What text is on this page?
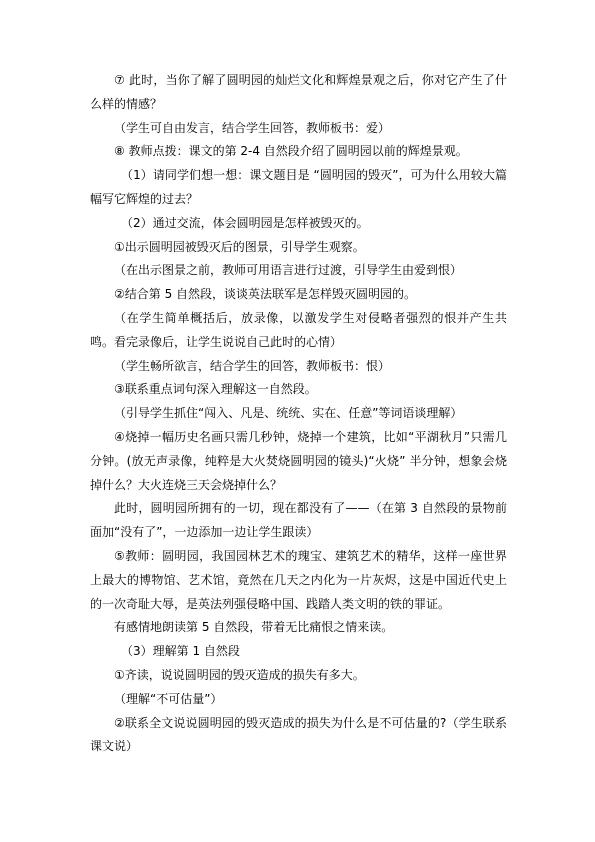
⑦ 此时，当你了解了圆明园的灿烂文化和辉煌景观之后，你对它产生了什么样的情感？

（学生可自由发言，结合学生回答，教师板书：爱）

⑧ 教师点拨：课文的第 2-4 自然段介绍了圆明园以前的辉煌景观。

（1）请同学们想一想：课文题目是 “圆明园的毁灭”，可为什么用较大篇幅写它辉煌的过去？

（2）通过交流，体会圆明园是怎样被毁灭的。

①出示圆明园被毁灭后的图景，引导学生观察。

（在出示图景之前，教师可用语言进行过渡，引导学生由爱到恨）

②结合第 5 自然段，谈谈英法联军是怎样毁灭圆明园的。

（在学生简单概括后，放录像，以激发学生对侵略者强烈的恨并产生共鸣。看完录像后，让学生说说自己此时的心情）

（学生畅所欲言，结合学生的回答，教师板书：恨）

③联系重点词句深入理解这一自然段。

（引导学生抓住“闯入、凡是、统统、实在、任意”等词语谈理解）

④烧掉一幅历史名画只需几秒钟，烧掉一个建筑，比如“平湖秋月”只需几分钟。(放无声录像，纯粹是大火焚烧圆明园的镜头)“火烧” 半分钟，想象会烧掉什么？大火连烧三天会烧掉什么？

此时，圆明园所拥有的一切，现在都没有了——（在第 3 自然段的景物前面加“没有了”，一边添加一边让学生跟读）

⑤教师：圆明园，我国园林艺术的瑰宝、建筑艺术的精华，这样一座世界上最大的博物馆、艺术馆，竟然在几天之内化为一片灰烬，这是中国近代史上的一次奇耻大辱，是英法列强侵略中国、践踏人类文明的铁的罪证。

有感情地朗读第 5 自然段，带着无比痛恨之情来读。

（3）理解第 1 自然段

①齐读，说说圆明园的毁灭造成的损失有多大。

（理解“不可估量”）

②联系全文说说圆明园的毁灭造成的损失为什么是不可估量的?（学生联系课文说）
